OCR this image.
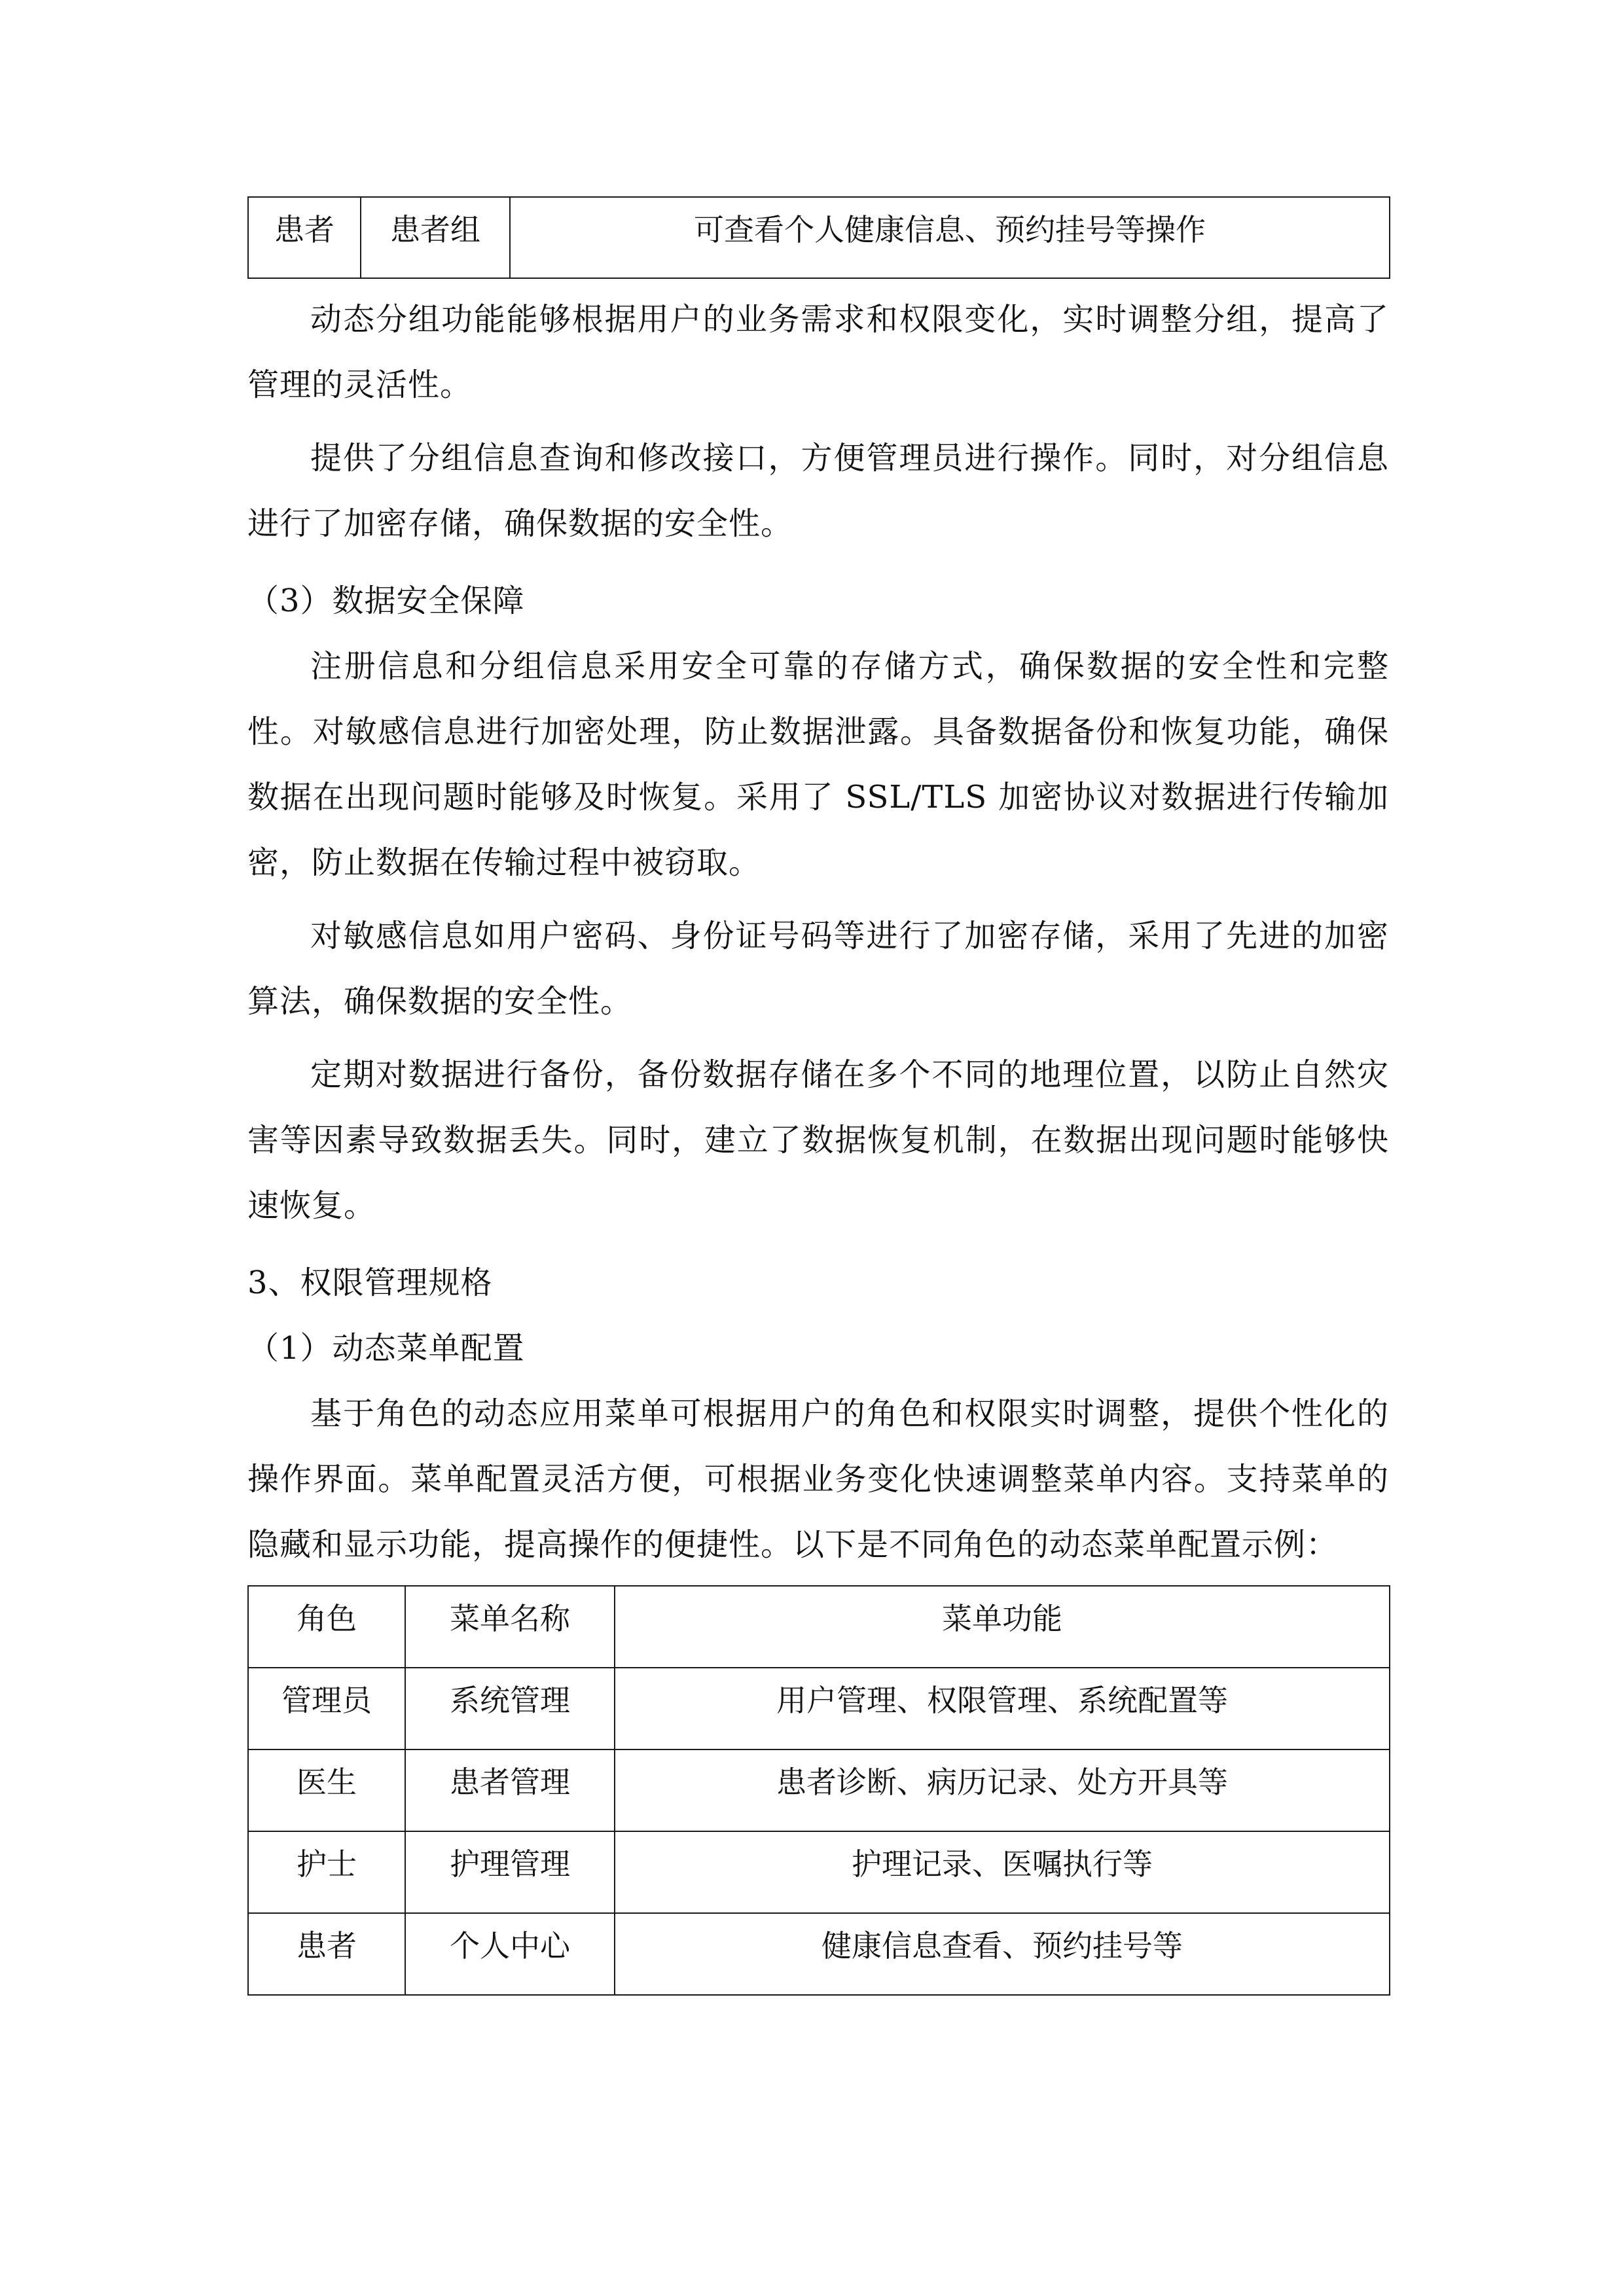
患者	患者组	可查看个人健康信息、预约挂号等操作

动态分组功能能够根据用户的业务需求和权限变化，实时调整分组，提高了管理的灵活性。

提供了分组信息查询和修改接口，方便管理员进行操作。同时，对分组信息进行了加密存储，确保数据的安全性。

（3）数据安全保障

注册信息和分组信息采用安全可靠的存储方式，确保数据的安全性和完整性。对敏感信息进行加密处理，防止数据泄露。具备数据备份和恢复功能，确保数据在出现问题时能够及时恢复。采用了 SSL/TLS 加密协议对数据进行传输加密，防止数据在传输过程中被窃取。

对敏感信息如用户密码、身份证号码等进行了加密存储，采用了先进的加密算法，确保数据的安全性。

定期对数据进行备份，备份数据存储在多个不同的地理位置，以防止自然灾害等因素导致数据丢失。同时，建立了数据恢复机制，在数据出现问题时能够快速恢复。

3、权限管理规格

（1）动态菜单配置

基于角色的动态应用菜单可根据用户的角色和权限实时调整，提供个性化的操作界面。菜单配置灵活方便，可根据业务变化快速调整菜单内容。支持菜单的隐藏和显示功能，提高操作的便捷性。以下是不同角色的动态菜单配置示例：

角色	菜单名称	菜单功能
管理员	系统管理	用户管理、权限管理、系统配置等
医生	患者管理	患者诊断、病历记录、处方开具等
护士	护理管理	护理记录、医嘱执行等
患者	个人中心	健康信息查看、预约挂号等
